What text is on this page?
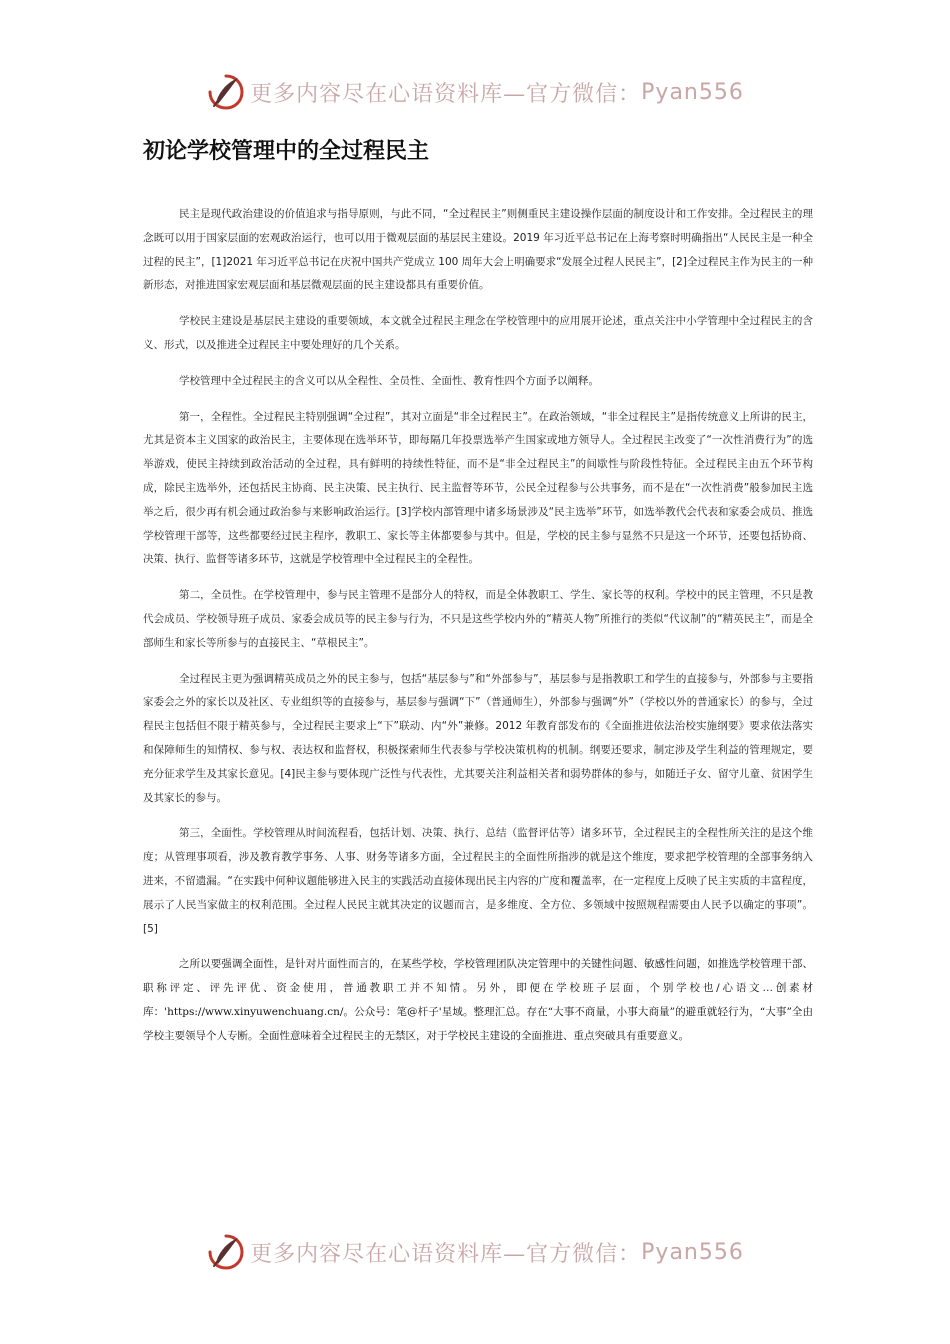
更多内容尽在心语资料库—官方微信： Pyan556
初论学校管理中的全过程民主

民主是现代政治建设的价值追求与指导原则，与此不同，“全过程民主”则侧重民主建设操作层面的制度设计和工作安排。全过程民主的理念既可以用于国家层面的宏观政治运行，也可以用于微观层面的基层民主建设。2019 年习近平总书记在上海考察时明确指出“人民民主是一种全过程的民主”，[1]2021 年习近平总书记在庆祝中国共产党成立 100 周年大会上明确要求“发展全过程人民民主”，[2]全过程民主作为民主的一种新形态，对推进国家宏观层面和基层微观层面的民主建设都具有重要价值。

学校民主建设是基层民主建设的重要领域，本文就全过程民主理念在学校管理中的应用展开论述，重点关注中小学管理中全过程民主的含义、形式，以及推进全过程民主中要处理好的几个关系。

学校管理中全过程民主的含义可以从全程性、全员性、全面性、教育性四个方面予以阐释。

第一，全程性。全过程民主特别强调“全过程”，其对立面是“非全过程民主”。在政治领域，“非全过程民主”是指传统意义上所讲的民主，尤其是资本主义国家的政治民主，主要体现在选举环节，即每隔几年投票选举产生国家或地方领导人。全过程民主改变了“一次性消费行为”的选举游戏，使民主持续到政治活动的全过程，具有鲜明的持续性特征，而不是“非全过程民主”的间歇性与阶段性特征。全过程民主由五个环节构成，除民主选举外，还包括民主协商、民主决策、民主执行、民主监督等环节，公民全过程参与公共事务，而不是在“一次性消费”般参加民主选举之后，很少再有机会通过政治参与来影响政治运行。[3]学校内部管理中诸多场景涉及“民主选举”环节，如选举教代会代表和家委会成员、推选学校管理干部等，这些都要经过民主程序，教职工、家长等主体都要参与其中。但是，学校的民主参与显然不只是这一个环节，还要包括协商、决策、执行、监督等诸多环节，这就是学校管理中全过程民主的全程性。

第二，全员性。在学校管理中，参与民主管理不是部分人的特权，而是全体教职工、学生、家长等的权利。学校中的民主管理，不只是教代会成员、学校领导班子成员、家委会成员等的民主参与行为，不只是这些学校内外的“精英人物”所推行的类似“代议制”的“精英民主”，而是全部师生和家长等所参与的直接民主、“草根民主”。

全过程民主更为强调精英成员之外的民主参与，包括“基层参与”和“外部参与”，基层参与是指教职工和学生的直接参与，外部参与主要指家委会之外的家长以及社区、专业组织等的直接参与，基层参与强调“下”（普通师生），外部参与强调“外”（学校以外的普通家长）的参与，全过程民主包括但不限于精英参与，全过程民主要求上“下”联动、内“外”兼修。2012 年教育部发布的《全面推进依法治校实施纲要》要求依法落实和保障师生的知情权、参与权、表达权和监督权，积极探索师生代表参与学校决策机构的机制。纲要还要求，制定涉及学生利益的管理规定，要充分征求学生及其家长意见。[4]民主参与要体现广泛性与代表性，尤其要关注利益相关者和弱势群体的参与，如随迁子女、留守儿童、贫困学生及其家长的参与。

第三，全面性。学校管理从时间流程看，包括计划、决策、执行、总结（监督评估等）诸多环节，全过程民主的全程性所关注的是这个维度；从管理事项看，涉及教育教学事务、人事、财务等诸多方面，全过程民主的全面性所指涉的就是这个维度，要求把学校管理的全部事务纳入进来，不留遗漏。“在实践中何种议题能够进入民主的实践活动直接体现出民主内容的广度和覆盖率，在一定程度上反映了民主实质的丰富程度，展示了人民当家做主的权利范围。全过程人民民主就其决定的议题而言，是多维度、全方位、多领域中按照规程需要由人民予以确定的事项”。[5]

之所以要强调全面性，是针对片面性而言的，在某些学校，学校管理团队决定管理中的关键性问题、敏感性问题，如推选学校管理干部、职称评定、评先评优、资金使用，普通教职工并不知情。另外，即便在学校班子层面，个别学校也/心语文…创素材库：'https://www.xinyuwenchuang.cn/。公众号：笔@杆子'星域。整理汇总。存在“大事不商量，小事大商量”的避重就轻行为，“大事”全由学校主要领导个人专断。全面性意味着全过程民主的无禁区，对于学校民主建设的全面推进、重点突破具有重要意义。

更多内容尽在心语资料库—官方微信： Pyan556
